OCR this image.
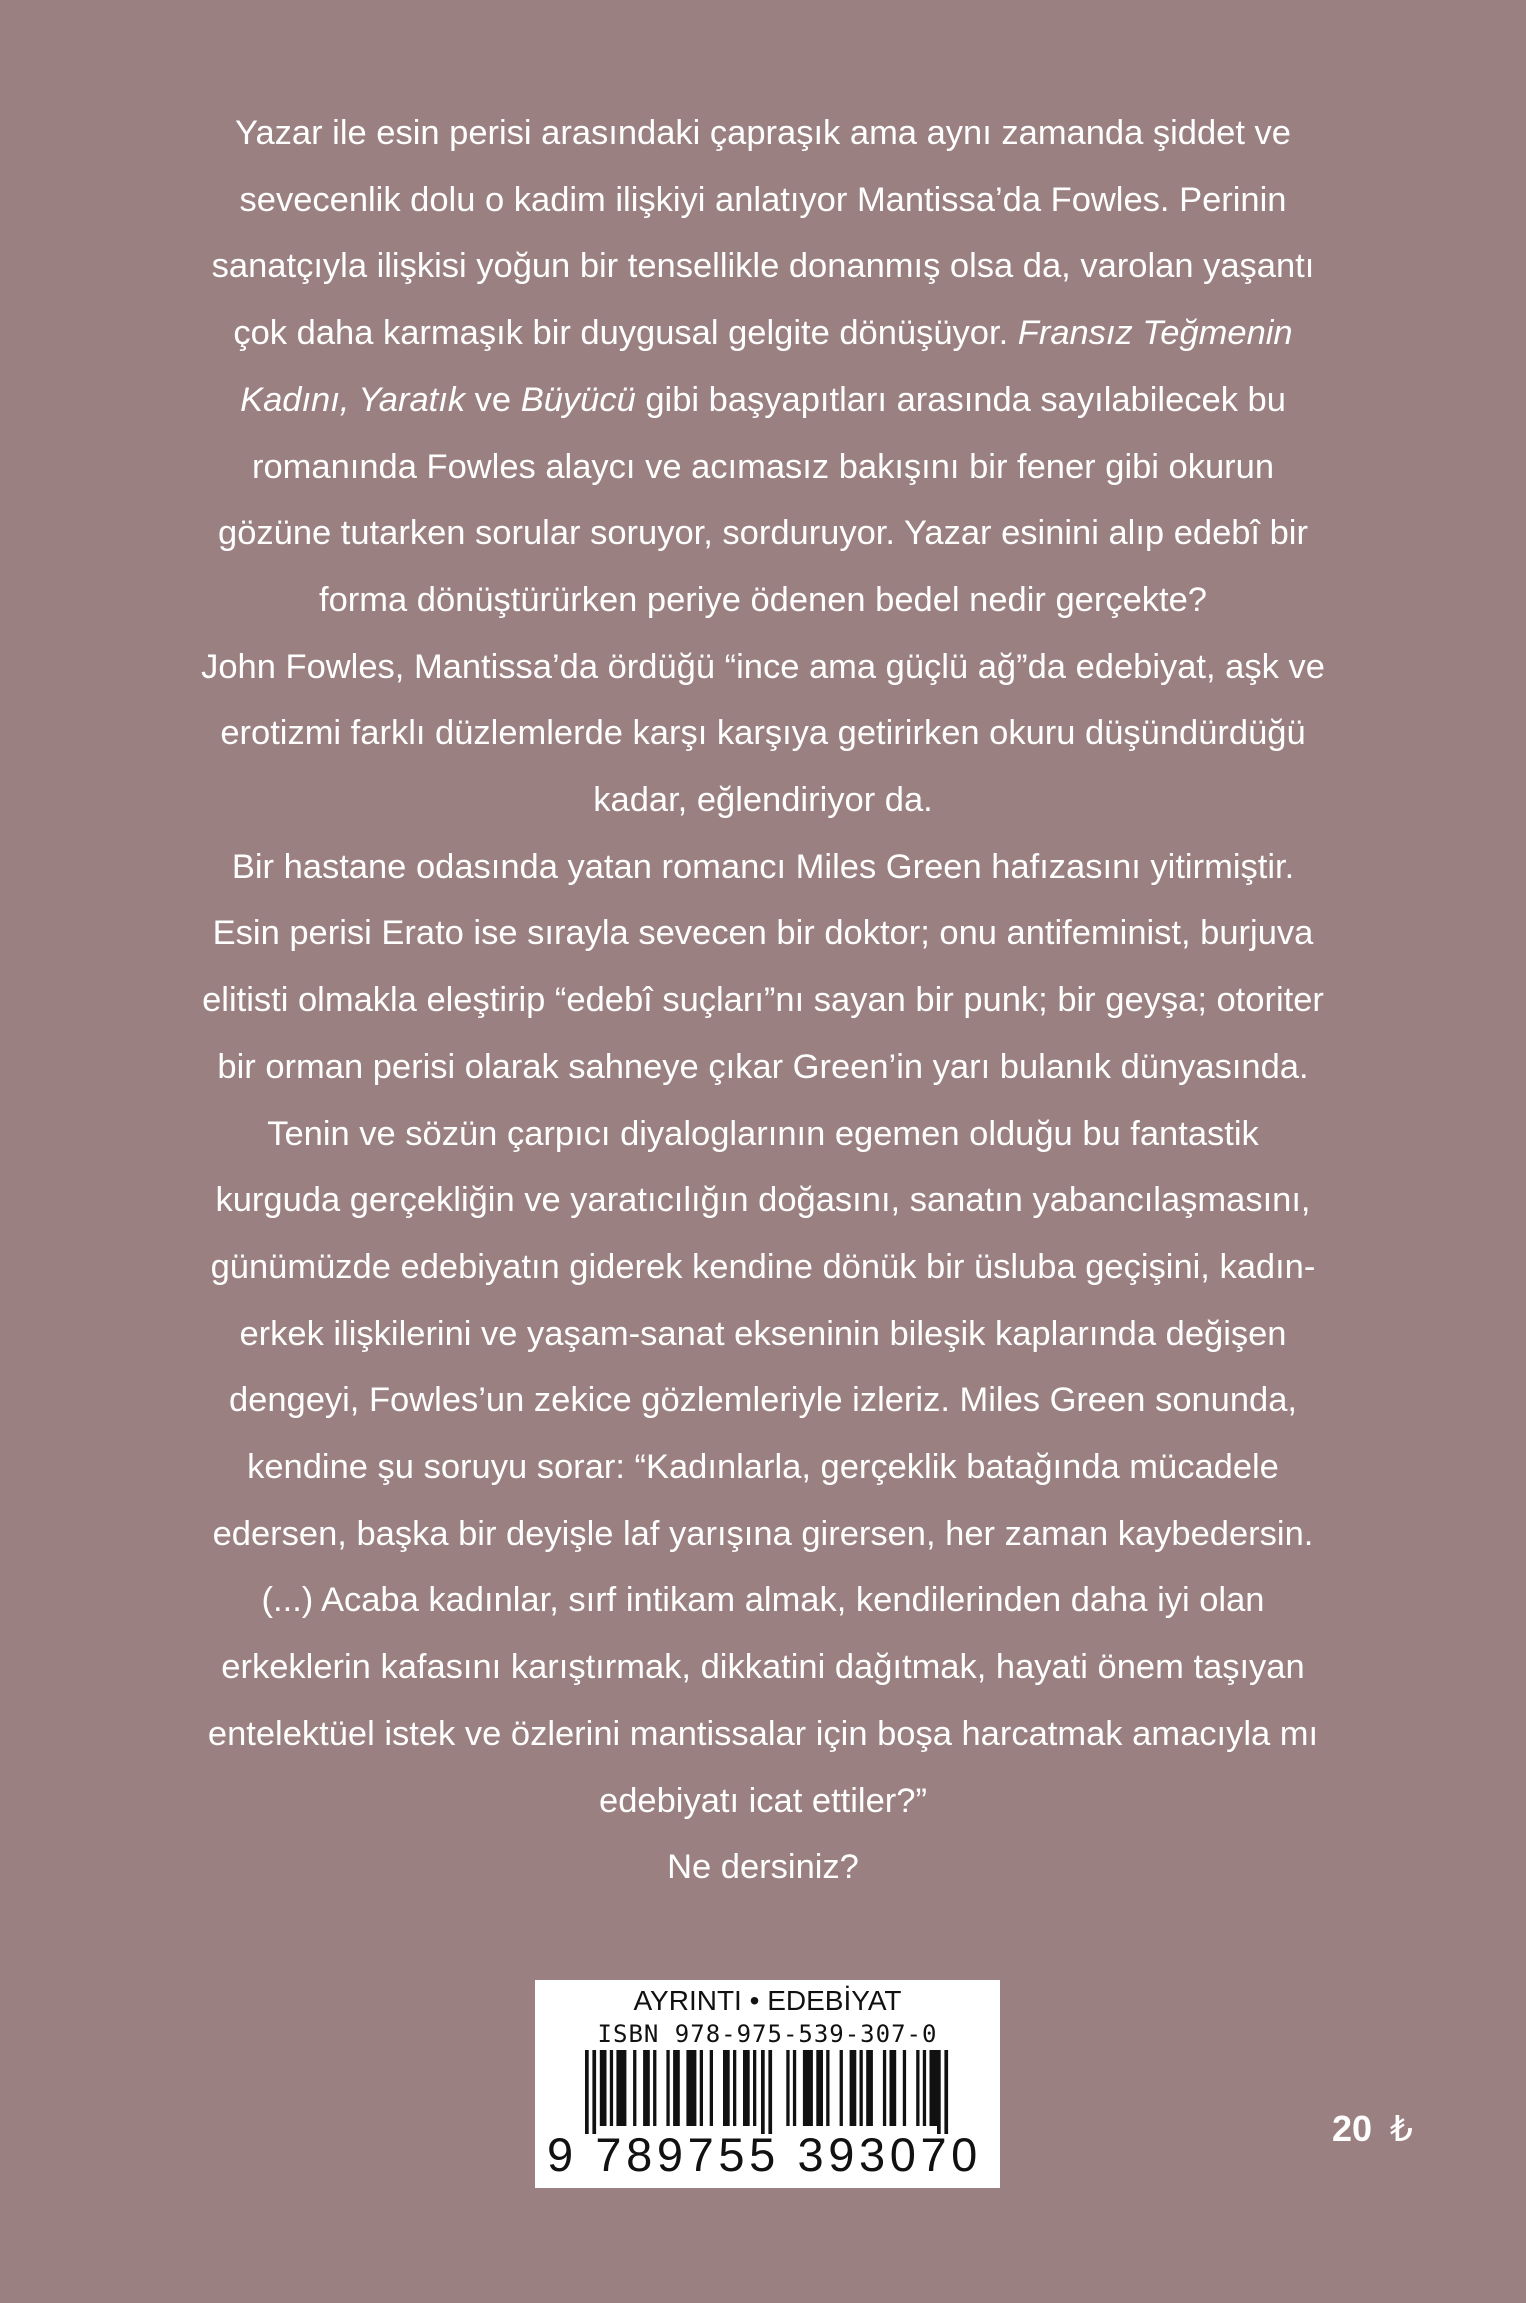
Yazar ile esin perisi arasındaki çapraşık ama aynı zamanda şiddet ve
sevecenlik dolu o kadim ilişkiyi anlatıyor Mantissa’da Fowles. Perinin
sanatçıyla ilişkisi yoğun bir tensellikle donanmış olsa da, varolan yaşantı
çok daha karmaşık bir duygusal gelgite dönüşüyor. Fransız Teğmenin
Kadını, Yaratık ve Büyücü gibi başyapıtları arasında sayılabilecek bu
romanında Fowles alaycı ve acımasız bakışını bir fener gibi okurun
gözüne tutarken sorular soruyor, sorduruyor. Yazar esinini alıp edebî bir
forma dönüştürürken periye ödenen bedel nedir gerçekte?
John Fowles, Mantissa’da ördüğü “ince ama güçlü ağ”da edebiyat, aşk ve
erotizmi farklı düzlemlerde karşı karşıya getirirken okuru düşündürdüğü
kadar, eğlendiriyor da.
Bir hastane odasında yatan romancı Miles Green hafızasını yitirmiştir.
Esin perisi Erato ise sırayla sevecen bir doktor; onu antifeminist, burjuva
elitisti olmakla eleştirip “edebî suçları”nı sayan bir punk; bir geyşa; otoriter
bir orman perisi olarak sahneye çıkar Green’in yarı bulanık dünyasında.
Tenin ve sözün çarpıcı diyaloglarının egemen olduğu bu fantastik
kurguda gerçekliğin ve yaratıcılığın doğasını, sanatın yabancılaşmasını,
günümüzde edebiyatın giderek kendine dönük bir üsluba geçişini, kadın-
erkek ilişkilerini ve yaşam-sanat ekseninin bileşik kaplarında değişen
dengeyi, Fowles’un zekice gözlemleriyle izleriz. Miles Green sonunda,
kendine şu soruyu sorar: “Kadınlarla, gerçeklik batağında mücadele
edersen, başka bir deyişle laf yarışına girersen, her zaman kaybedersin.
(...) Acaba kadınlar, sırf intikam almak, kendilerinden daha iyi olan
erkeklerin kafasını karıştırmak, dikkatini dağıtmak, hayati önem taşıyan
entelektüel istek ve özlerini mantissalar için boşa harcatmak amacıyla mı
edebiyatı icat ettiler?”
Ne dersiniz?
AYRINTI • EDEBİYAT
ISBN 978-975-539-307-0
9 789755 393070	20 ₺
